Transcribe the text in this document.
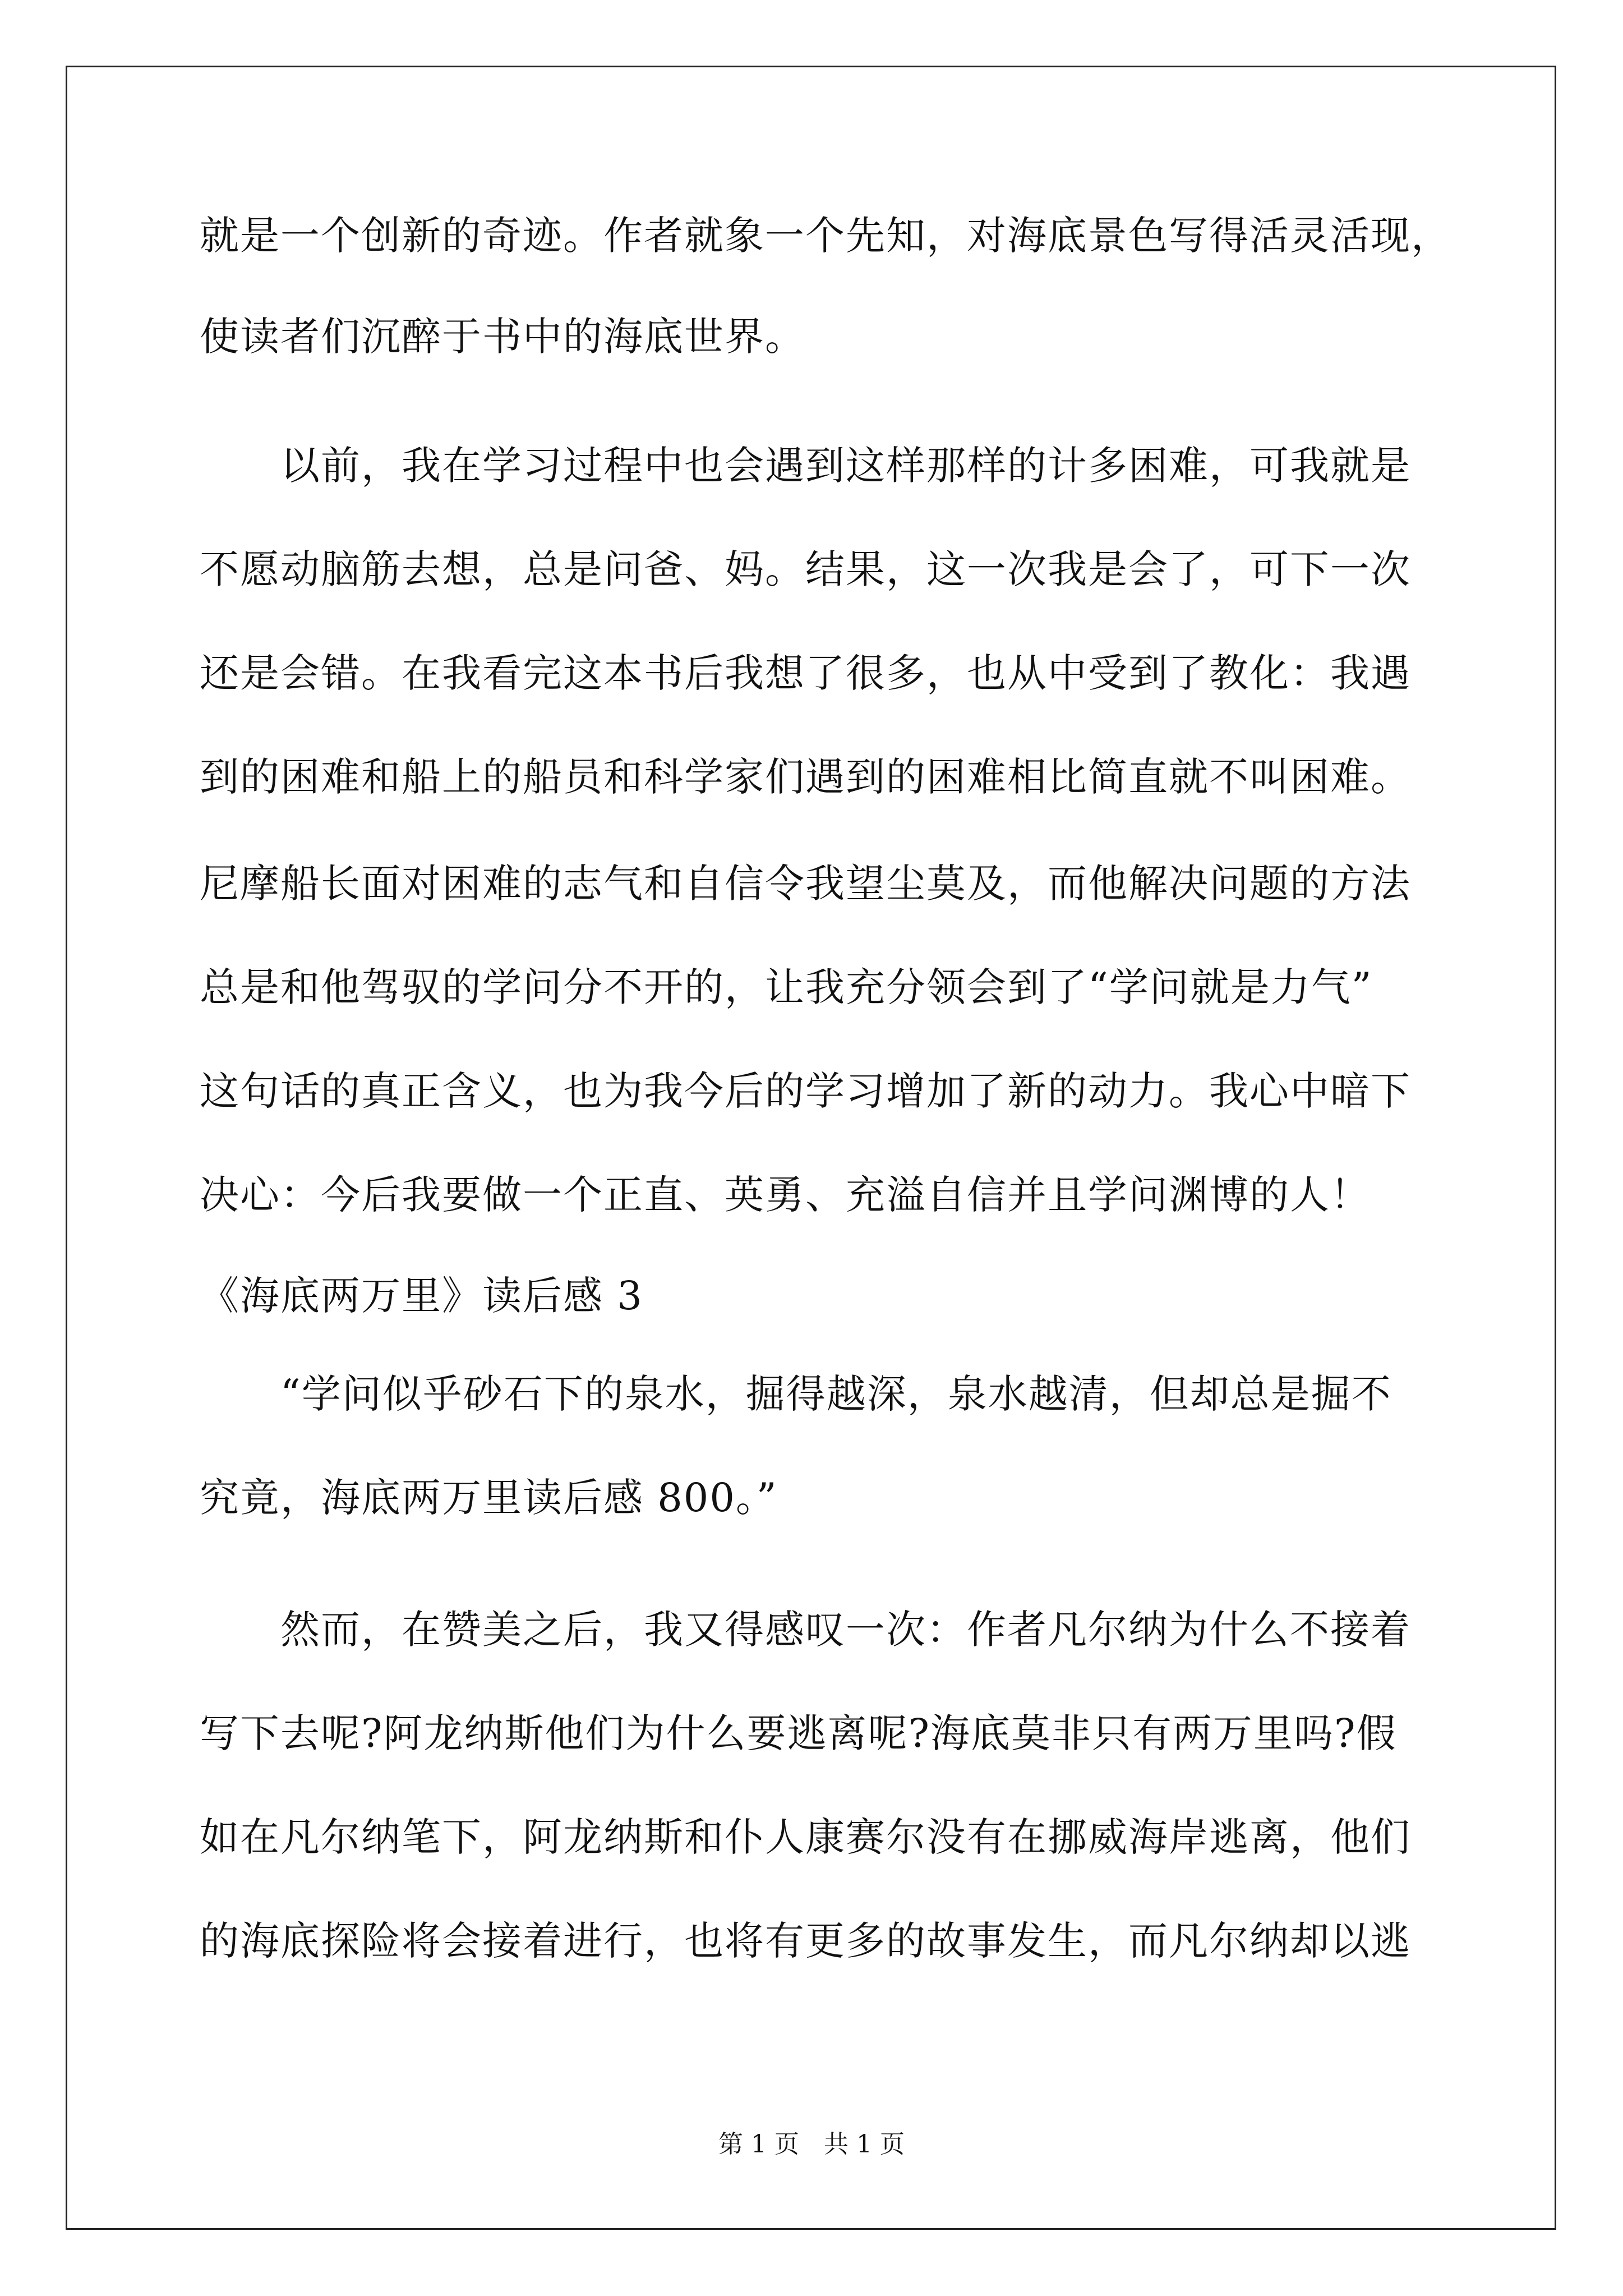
就是一个创新的奇迹。作者就象一个先知，对海底景色写得活灵活现，
使读者们沉醉于书中的海底世界。
　　以前，我在学习过程中也会遇到这样那样的计多困难，可我就是
不愿动脑筋去想，总是问爸、妈。结果，这一次我是会了，可下一次
还是会错。在我看完这本书后我想了很多，也从中受到了教化：我遇
到的困难和船上的船员和科学家们遇到的困难相比简直就不叫困难。
尼摩船长面对困难的志气和自信令我望尘莫及，而他解决问题的方法
总是和他驾驭的学问分不开的，让我充分领会到了“学问就是力气”
这句话的真正含义，也为我今后的学习增加了新的动力。我心中暗下
决心：今后我要做一个正直、英勇、充溢自信并且学问渊博的人！
《海底两万里》读后感 3
　　“学问似乎砂石下的泉水，掘得越深，泉水越清，但却总是掘不
究竟，海底两万里读后感 800。”
　　然而，在赞美之后，我又得感叹一次：作者凡尔纳为什么不接着
写下去呢?阿龙纳斯他们为什么要逃离呢?海底莫非只有两万里吗?假
如在凡尔纳笔下，阿龙纳斯和仆人康赛尔没有在挪威海岸逃离，他们
的海底探险将会接着进行，也将有更多的故事发生，而凡尔纳却以逃
第 1 页　共 1 页
